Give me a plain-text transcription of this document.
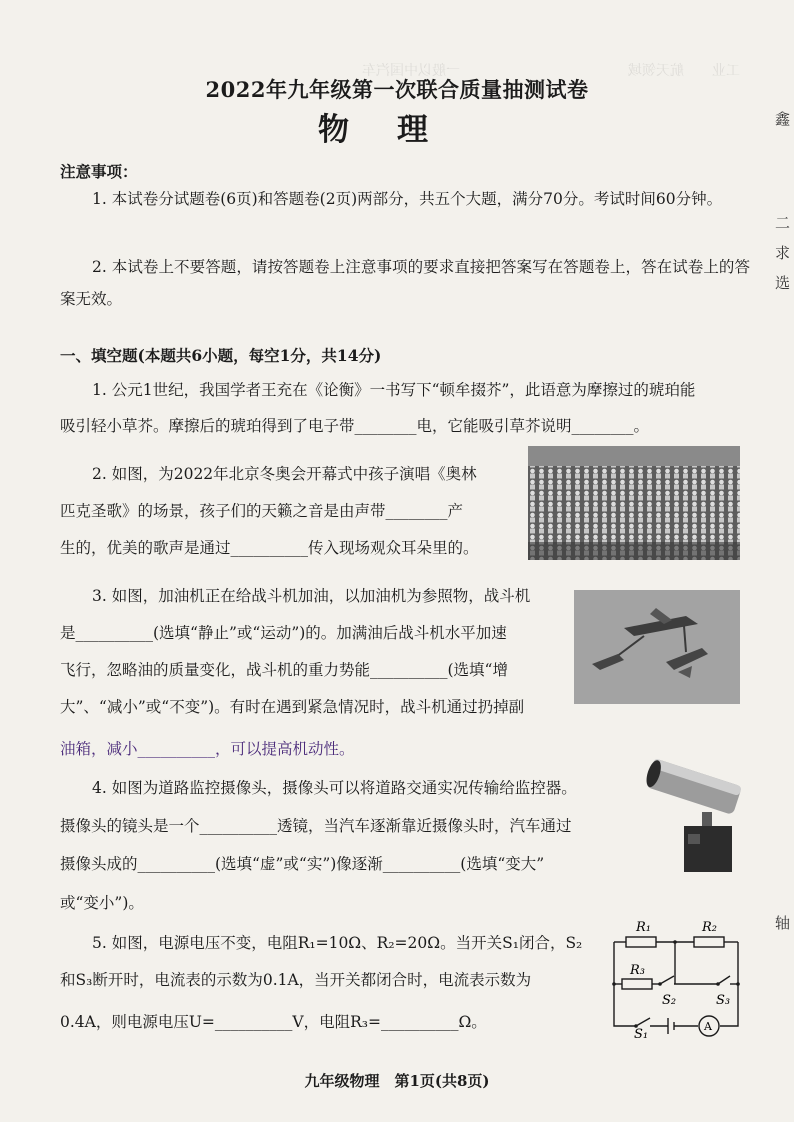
工业　　航天领域　　　　　　　　　　　　一般以中国汽车　　　　

鑫
二
求
选
轴
2022年九年级第一次联合质量抽测试卷
物理
注意事项：
1. 本试卷分试题卷(6页)和答题卷(2页)两部分，共五个大题，满分70分。考试时间60分钟。
2. 本试卷上不要答题，请按答题卷上注意事项的要求直接把答案写在答题卷上，答在试卷上的答案无效。
一、填空题(本题共6小题，每空1分，共14分)
1. 公元1世纪，我国学者王充在《论衡》一书写下“顿牟掇芥”，此语意为摩擦过的琥珀能
吸引轻小草芥。摩擦后的琥珀得到了电子带________电，它能吸引草芥说明________。
2. 如图，为2022年北京冬奥会开幕式中孩子演唱《奥林
匹克圣歌》的场景，孩子们的天籁之音是由声带________产
生的，优美的歌声是通过__________传入现场观众耳朵里的。
3. 如图，加油机正在给战斗机加油，以加油机为参照物，战斗机
是__________(选填“静止”或“运动”)的。加满油后战斗机水平加速
飞行，忽略油的质量变化，战斗机的重力势能__________(选填“增
大”、“减小”或“不变”)。有时在遇到紧急情况时，战斗机通过扔掉副
油箱，减小__________，可以提高机动性。
4. 如图为道路监控摄像头，摄像头可以将道路交通实况传输给监控器。
摄像头的镜头是一个__________透镜，当汽车逐渐靠近摄像头时，汽车通过
摄像头成的__________(选填“虚”或“实”)像逐渐__________(选填“变大”
或“变小”)。
5. 如图，电源电压不变，电阻R₁=10Ω、R₂=20Ω。当开关S₁闭合，S₂
和S₃断开时，电流表的示数为0.1A，当开关都闭合时，电流表示数为
0.4A，则电源电压U=__________V，电阻R₃=__________Ω。
R₁	R₂
R₃
S₂	S₃
S₁
A
九年级物理　第1页(共8页)
